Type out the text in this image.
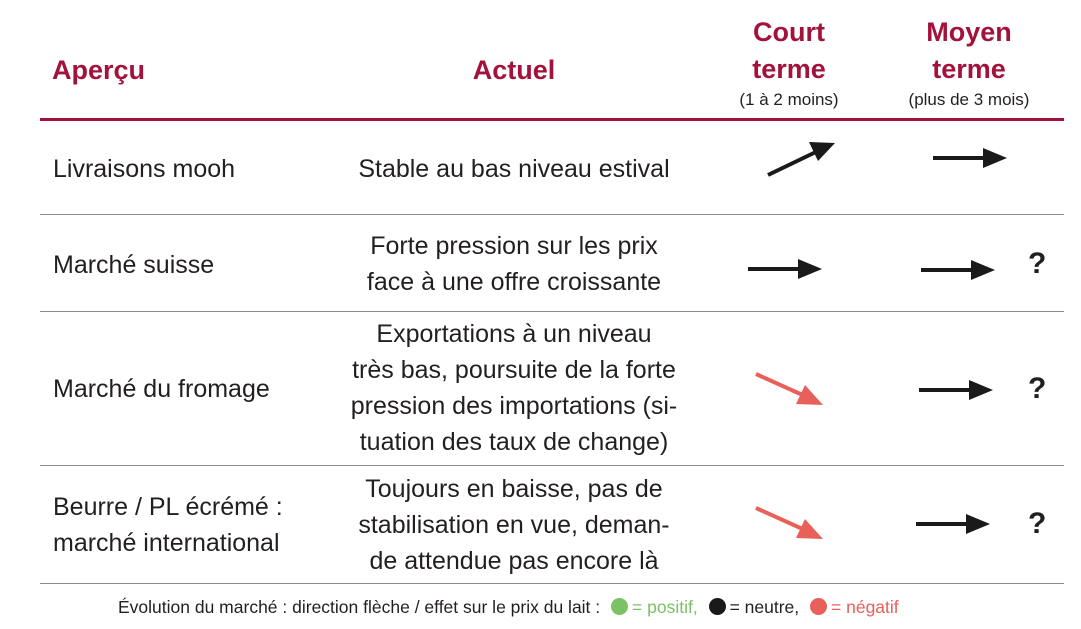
Aperçu	Actuel
Court
terme
(1 à 2 moins)
Moyen
terme
(plus de 3 mois)
Livraisons mooh	Stable au bas niveau estival
Marché suisse
Forte pression sur les prix
face à une offre croissante
?
Marché du fromage
Exportations à un niveau
très bas, poursuite de la forte
pression des importations (si-
tuation des taux de change)
?
Beurre / PL écrémé :
marché international
Toujours en baisse, pas de
stabilisation en vue, deman-
de attendue pas encore là
?
Évolution du marché : direction flèche / effet sur le prix du lait : = positif, = neutre, = négatif
